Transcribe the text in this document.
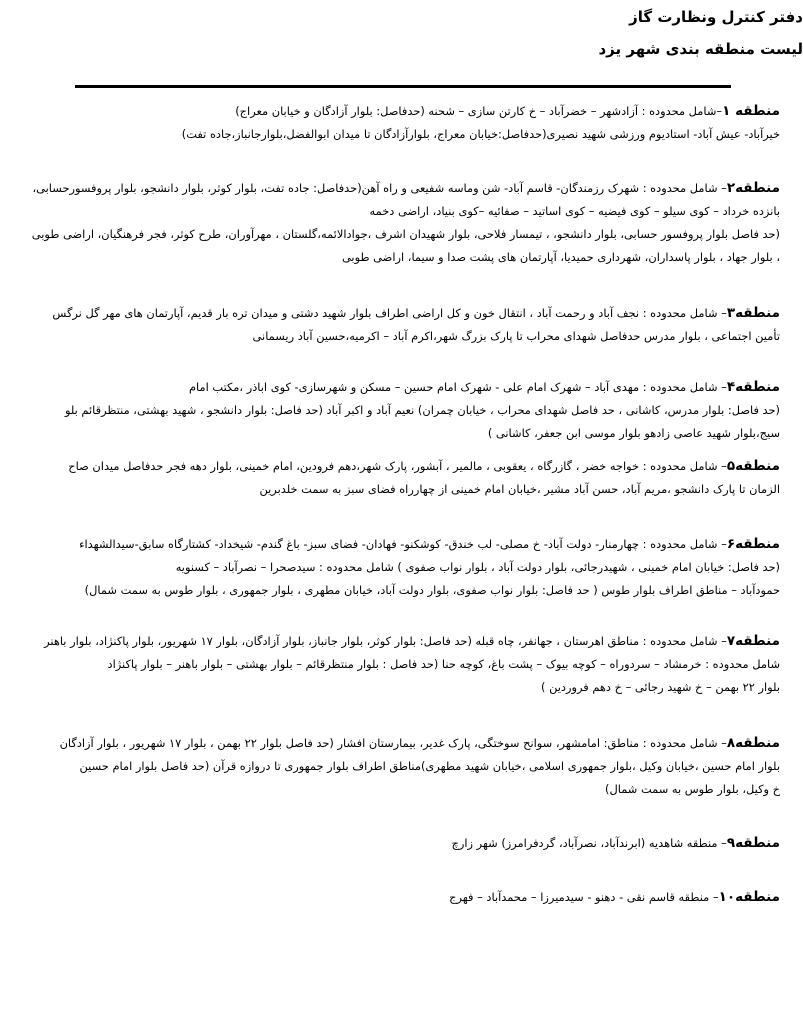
دفتر کنترل ونظارت گاز
لیست منطقه بندی شهر یزد
منطقه ۱–شامل محدوده : آزادشهر – خضرآباد – خ کارتن سازی – شحنه (حدفاصل: بلوار آزادگان و خیابان معراج)
خیرآباد- عیش آباد- استادیوم ورزشی شهید نصیری(حدفاصل:خیابان معراج، بلوارآزادگان تا میدان ابوالفضل،بلوارجانباز،جاده تفت)
منطقه۲– شامل محدوده : شهرک رزمندگان- قاسم آباد- شن وماسه شفیعی و راه آهن(حدفاصل: جاده تفت، بلوار کوثر، بلوار دانشجو، بلوار پروفسورحسابی،
بانزده خرداد – کوی سیلو – کوی فیضیه – کوی اساتید – صفائیه –کوی بنیاد، اراضی دخمه
(حد فاصل بلوار پروفسور حسابی، بلوار دانشجو، ، تیمسار فلاحی، بلوار شهیدان اشرف ،جوادالائمه،گلستان ، مهرآوران، طرح کوثر، فجر فرهنگیان، اراضی طوبی
، بلوار جهاد ، بلوار پاسداران، شهرداری حمیدیا، آپارتمان های پشت صدا و سیما، اراضی طوبی
منطقه۳– شامل محدوده : نجف آباد و رحمت آباد ، انتقال خون و کل اراضی اطراف بلوار شهید دشتی و میدان تره بار قدیم، آپارتمان های مهر گل نرگس
تأمین اجتماعی ، بلوار مدرس حدفاصل شهدای محراب تا پارک بزرگ شهر،اکرم آباد – اکرمیه،حسین آباد ریسمانی
منطقه۴– شامل محدوده : مهدی آباد – شهرک امام علی - شهرک امام حسین – مسکن و شهرسازی- کوی اباذر ،مکتب امام
(حد فاصل: بلوار مدرس، کاشانی ، حد فاصل شهدای محراب ، خیابان چمران) نعیم آباد و اکبر آباد (حد فاصل: بلوار دانشجو ، شهید بهشتی، منتظرقائم بلو
سیج،بلوار شهید عاصی زادهو بلوار موسی ابن جعفر، کاشانی )
منطقه۵– شامل محدوده : خواجه خضر ، گازرگاه ، یعقوبی ، مالمیر ، آبشور، پارک شهر،دهم فرودین، امام خمینی، بلوار دهه فجر حدفاصل میدان صاح
الزمان تا پارک دانشجو ،مریم آباد، حسن آباد مشیر ،خیابان امام خمینی از چهارراه فضای سبز به سمت خلدبرین
منطقه۶– شامل محدوده : چهارمنار- دولت آباد- خ مصلی- لب خندق- کوشکنو- فهادان- فضای سبز- باغ گندم- شیخداد- کشتارگاه سابق-سیدالشهداء
(حد فاصل: خیابان امام خمینی ، شهیدرجائی، بلوار دولت آباد ، بلوار نواب صفوی ) شامل محدوده : سیدصحرا – نصرآباد – کسنویه
حمودآباد – مناطق اطراف بلوار طوس ( حد فاصل: بلوار نواب صفوی، بلوار دولت آباد، خیابان مطهری ، بلوار جمهوری ، بلوار طوس به سمت شمال)
منطقه۷– شامل محدوده : مناطق اهرستان ، جهانفر، چاه قبله (حد فاصل: بلوار کوثر، بلوار جانباز، بلوار آزادگان، بلوار ۱۷ شهریور، بلوار پاکنژاد، بلوار باهنر
شامل محدوده : خرمشاد – سردوراه – کوچه بیوک – پشت باغ، کوچه حنا (حد فاصل : بلوار منتظرقائم – بلوار بهشتی – بلوار باهنر – بلوار پاکنژاد
بلوار ۲۲ بهمن – خ شهید رجائی – خ دهم فروردین )
منطقه۸– شامل محدوده : مناطق: امامشهر، سوانح سوختگی، پارک غدیر، بیمارستان افشار (حد فاصل بلوار ۲۲ بهمن ، بلوار ۱۷ شهریور ، بلوار آزادگان
بلوار امام حسین ،خیابان وکیل ،بلوار جمهوری اسلامی ،خیابان شهید مطهری)مناطق اطراف بلوار جمهوری تا دروازه قرآن (حد فاصل بلوار امام حسین
خ وکیل، بلوار طوس به سمت شمال)
منطقه۹– منطقه شاهدیه (ابرندآباد، نصرآباد، گردفرامرز) شهر زارچ
منطقه۱۰– منطقه قاسم نقی - دهنو - سیدمیرزا – محمدآباد – فهرج
